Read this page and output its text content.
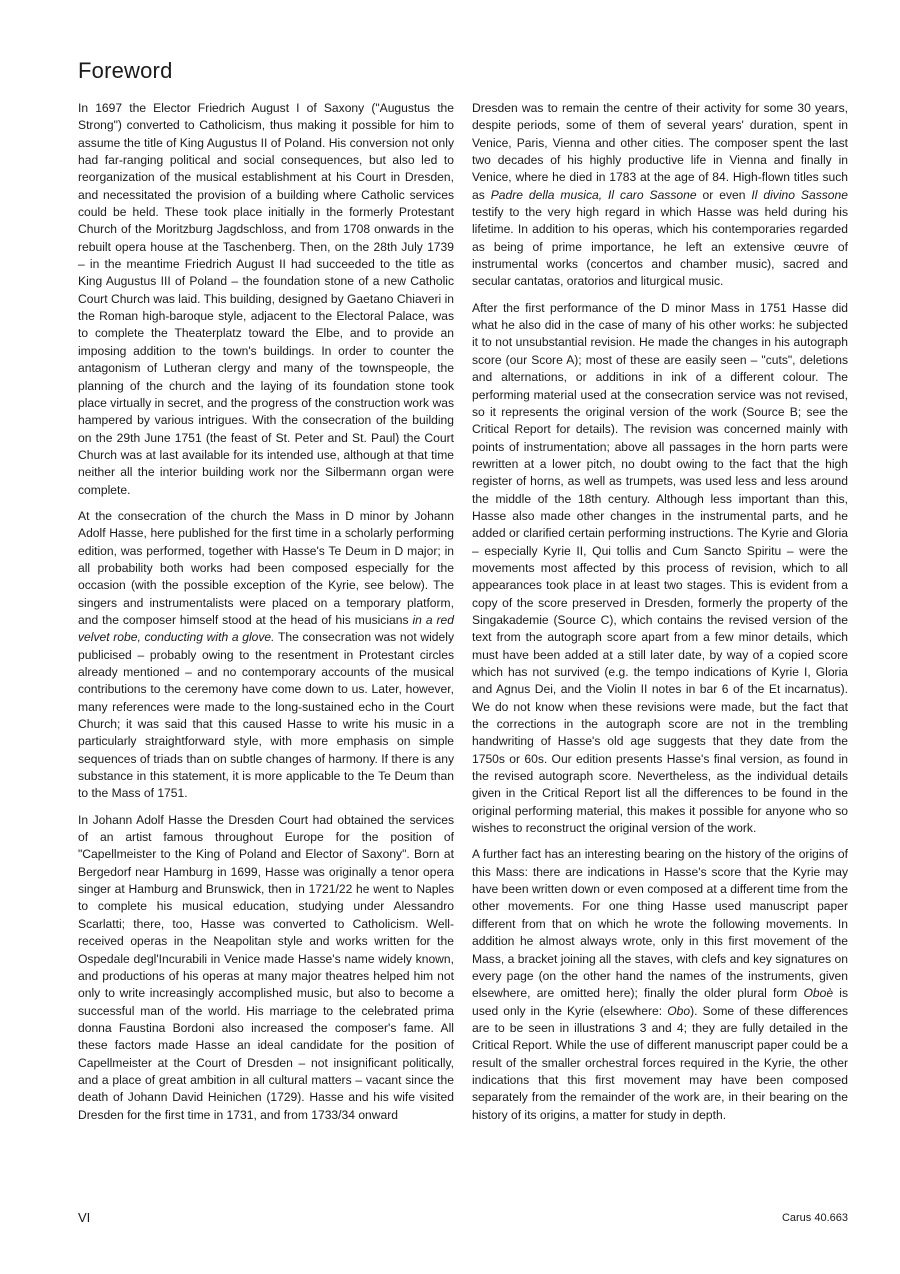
Foreword

In 1697 the Elector Friedrich August I of Saxony ("Augustus the Strong") converted to Catholicism, thus making it possible for him to assume the title of King Augustus II of Poland. His conversion not only had far-ranging political and social consequences, but also led to reorganization of the musical establishment at his Court in Dresden, and necessitated the provision of a building where Catholic services could be held. These took place initially in the formerly Protestant Church of the Moritzburg Jagdschloss, and from 1708 onwards in the rebuilt opera house at the Taschenberg. Then, on the 28th July 1739 – in the meantime Friedrich August II had succeeded to the title as King Augustus III of Poland – the foundation stone of a new Catholic Court Church was laid. This building, designed by Gaetano Chiaveri in the Roman high-baroque style, adjacent to the Electoral Palace, was to complete the Theaterplatz toward the Elbe, and to provide an imposing addition to the town's buildings. In order to counter the antagonism of Lutheran clergy and many of the townspeople, the planning of the church and the laying of its foundation stone took place virtually in secret, and the progress of the construction work was hampered by various intrigues. With the consecration of the building on the 29th June 1751 (the feast of St. Peter and St. Paul) the Court Church was at last available for its intended use, although at that time neither all the interior building work nor the Silbermann organ were complete.

At the consecration of the church the Mass in D minor by Johann Adolf Hasse, here published for the first time in a scholarly performing edition, was performed, together with Hasse's Te Deum in D major; in all probability both works had been composed especially for the occasion (with the possible exception of the Kyrie, see below). The singers and instrumentalists were placed on a temporary platform, and the composer himself stood at the head of his musicians in a red velvet robe, conducting with a glove. The consecration was not widely publicised – probably owing to the resentment in Protestant circles already mentioned – and no contemporary accounts of the musical contributions to the ceremony have come down to us. Later, however, many references were made to the long-sustained echo in the Court Church; it was said that this caused Hasse to write his music in a particularly straightforward style, with more emphasis on simple sequences of triads than on subtle changes of harmony. If there is any substance in this statement, it is more applicable to the Te Deum than to the Mass of 1751.

In Johann Adolf Hasse the Dresden Court had obtained the services of an artist famous throughout Europe for the position of "Capellmeister to the King of Poland and Elector of Saxony". Born at Bergedorf near Hamburg in 1699, Hasse was originally a tenor opera singer at Hamburg and Brunswick, then in 1721/22 he went to Naples to complete his musical education, studying under Alessandro Scarlatti; there, too, Hasse was converted to Catholicism. Well-received operas in the Neapolitan style and works written for the Ospedale degl'Incurabili in Venice made Hasse's name widely known, and productions of his operas at many major theatres helped him not only to write increasingly accomplished music, but also to become a successful man of the world. His marriage to the celebrated prima donna Faustina Bordoni also increased the composer's fame. All these factors made Hasse an ideal candidate for the position of Capellmeister at the Court of Dresden – not insignificant politically, and a place of great ambition in all cultural matters – vacant since the death of Johann David Heinichen (1729). Hasse and his wife visited Dresden for the first time in 1731, and from 1733/34 onward

Dresden was to remain the centre of their activity for some 30 years, despite periods, some of them of several years' duration, spent in Venice, Paris, Vienna and other cities. The composer spent the last two decades of his highly productive life in Vienna and finally in Venice, where he died in 1783 at the age of 84. High-flown titles such as Padre della musica, Il caro Sassone or even Il divino Sassone testify to the very high regard in which Hasse was held during his lifetime. In addition to his operas, which his contemporaries regarded as being of prime importance, he left an extensive œuvre of instrumental works (concertos and chamber music), sacred and secular cantatas, oratorios and liturgical music.

After the first performance of the D minor Mass in 1751 Hasse did what he also did in the case of many of his other works: he subjected it to not unsubstantial revision. He made the changes in his autograph score (our Score A); most of these are easily seen – "cuts", deletions and alternations, or additions in ink of a different colour. The performing material used at the consecration service was not revised, so it represents the original version of the work (Source B; see the Critical Report for details). The revision was concerned mainly with points of instrumentation; above all passages in the horn parts were rewritten at a lower pitch, no doubt owing to the fact that the high register of horns, as well as trumpets, was used less and less around the middle of the 18th century. Although less important than this, Hasse also made other changes in the instrumental parts, and he added or clarified certain performing instructions. The Kyrie and Gloria – especially Kyrie II, Qui tollis and Cum Sancto Spiritu – were the movements most affected by this process of revision, which to all appearances took place in at least two stages. This is evident from a copy of the score preserved in Dresden, formerly the property of the Singakademie (Source C), which contains the revised version of the text from the autograph score apart from a few minor details, which must have been added at a still later date, by way of a copied score which has not survived (e.g. the tempo indications of Kyrie I, Gloria and Agnus Dei, and the Violin II notes in bar 6 of the Et incarnatus). We do not know when these revisions were made, but the fact that the corrections in the autograph score are not in the trembling handwriting of Hasse's old age suggests that they date from the 1750s or 60s. Our edition presents Hasse's final version, as found in the revised autograph score. Nevertheless, as the individual details given in the Critical Report list all the differences to be found in the original performing material, this makes it possible for anyone who so wishes to reconstruct the original version of the work.

A further fact has an interesting bearing on the history of the origins of this Mass: there are indications in Hasse's score that the Kyrie may have been written down or even composed at a different time from the other movements. For one thing Hasse used manuscript paper different from that on which he wrote the following movements. In addition he almost always wrote, only in this first movement of the Mass, a bracket joining all the staves, with clefs and key signatures on every page (on the other hand the names of the instruments, given elsewhere, are omitted here); finally the older plural form Oboè is used only in the Kyrie (elsewhere: Obo). Some of these differences are to be seen in illustrations 3 and 4; they are fully detailed in the Critical Report. While the use of different manuscript paper could be a result of the smaller orchestral forces required in the Kyrie, the other indications that this first movement may have been composed separately from the remainder of the work are, in their bearing on the history of its origins, a matter for study in depth.

VI	Carus 40.663
